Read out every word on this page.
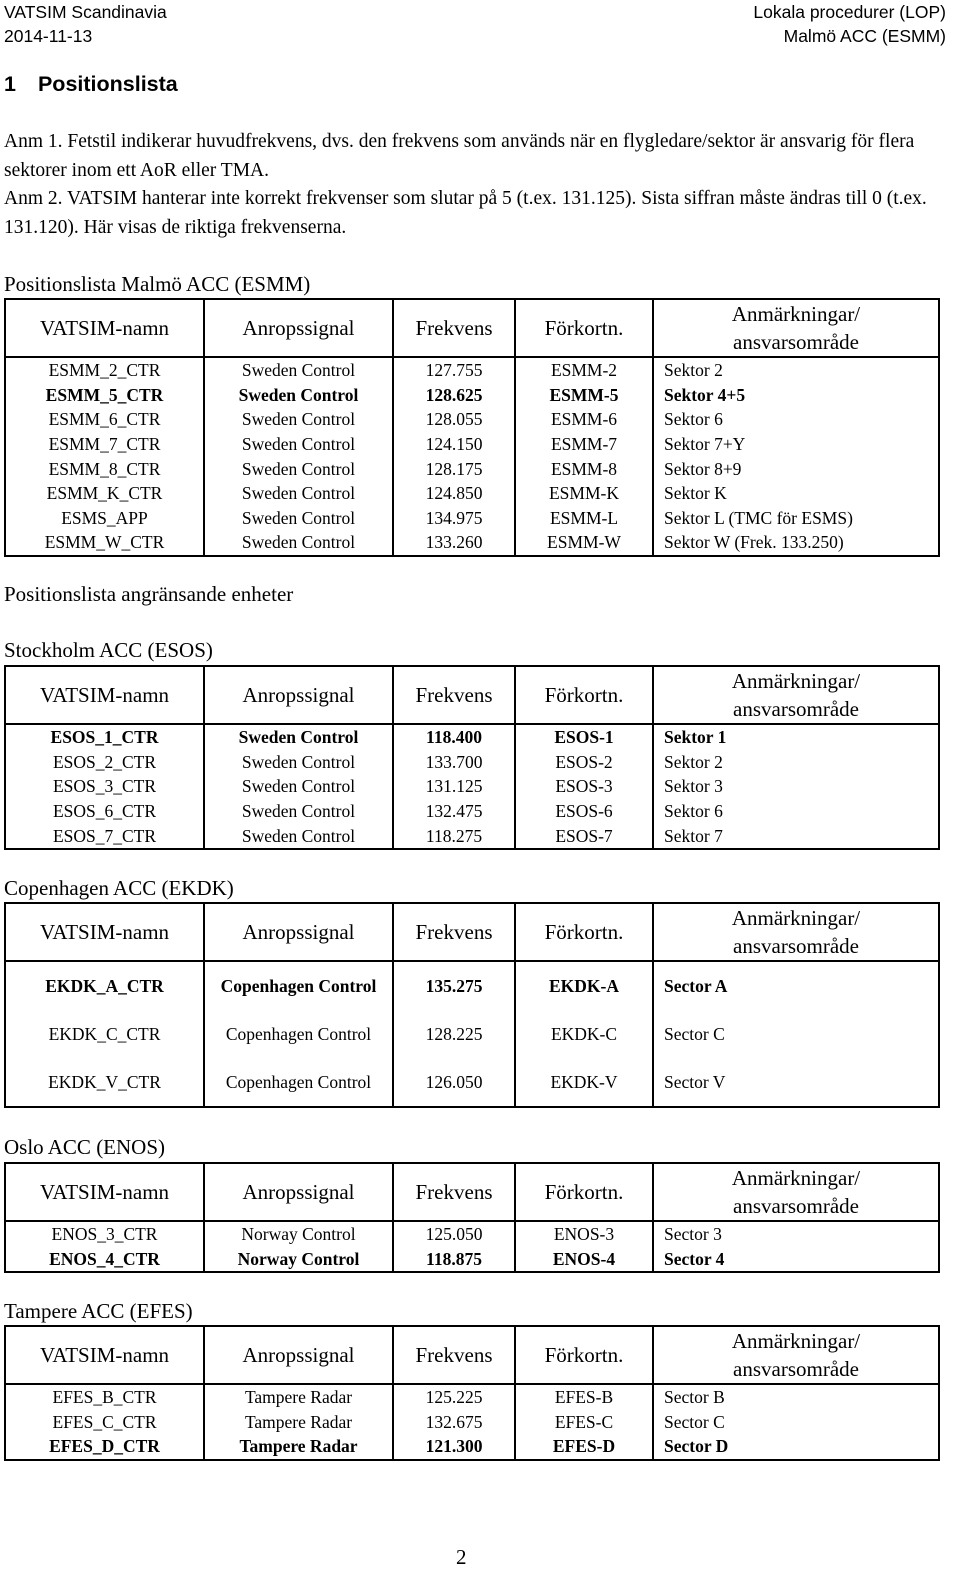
VATSIM Scandinavia
2014-11-13
Lokala procedurer (LOP)
Malmö ACC (ESMM)
1 Positionslista

Anm 1. Fetstil indikerar huvudfrekvens, dvs. den frekvens som används när en flygledare/sektor är ansvarig för flera sektorer inom ett AoR eller TMA.

Anm 2. VATSIM hanterar inte korrekt frekvenser som slutar på 5 (t.ex. 131.125). Sista siffran måste ändras till 0 (t.ex. 131.120). Här visas de riktiga frekvenserna.

Positionslista Malmö ACC (ESMM)
VATSIM-namn	Anropssignal	Frekvens	Förkortn.	Anmärkningar/
ansvarsområde

ESMM_2_CTR	Sweden Control	127.755	ESMM-2	Sektor 2
ESMM_5_CTR	Sweden Control	128.625	ESMM-5	Sektor 4+5
ESMM_6_CTR	Sweden Control	128.055	ESMM-6	Sektor 6
ESMM_7_CTR	Sweden Control	124.150	ESMM-7	Sektor 7+Y
ESMM_8_CTR	Sweden Control	128.175	ESMM-8	Sektor 8+9
ESMM_K_CTR	Sweden Control	124.850	ESMM-K	Sektor K
ESMS_APP	Sweden Control	134.975	ESMM-L	Sektor L (TMC för ESMS)
ESMM_W_CTR	Sweden Control	133.260	ESMM-W	Sektor W (Frek. 133.250)
Positionslista angränsande enheter
Stockholm ACC (ESOS)
VATSIM-namn	Anropssignal	Frekvens	Förkortn.	Anmärkningar/
ansvarsområde

ESOS_1_CTR	Sweden Control	118.400	ESOS-1	Sektor 1
ESOS_2_CTR	Sweden Control	133.700	ESOS-2	Sektor 2
ESOS_3_CTR	Sweden Control	131.125	ESOS-3	Sektor 3
ESOS_6_CTR	Sweden Control	132.475	ESOS-6	Sektor 6
ESOS_7_CTR	Sweden Control	118.275	ESOS-7	Sektor 7
Copenhagen ACC (EKDK)
VATSIM-namn	Anropssignal	Frekvens	Förkortn.	Anmärkningar/
ansvarsområde

EKDK_A_CTR	Copenhagen Control	135.275	EKDK-A	Sector A
EKDK_C_CTR	Copenhagen Control	128.225	EKDK-C	Sector C
EKDK_V_CTR	Copenhagen Control	126.050	EKDK-V	Sector V
Oslo ACC (ENOS)
VATSIM-namn	Anropssignal	Frekvens	Förkortn.	Anmärkningar/
ansvarsområde

ENOS_3_CTR	Norway Control	125.050	ENOS-3	Sector 3
ENOS_4_CTR	Norway Control	118.875	ENOS-4	Sector 4
Tampere ACC (EFES)
VATSIM-namn	Anropssignal	Frekvens	Förkortn.	Anmärkningar/
ansvarsområde

EFES_B_CTR	Tampere Radar	125.225	EFES-B	Sector B
EFES_C_CTR	Tampere Radar	132.675	EFES-C	Sector C
EFES_D_CTR	Tampere Radar	121.300	EFES-D	Sector D
2
